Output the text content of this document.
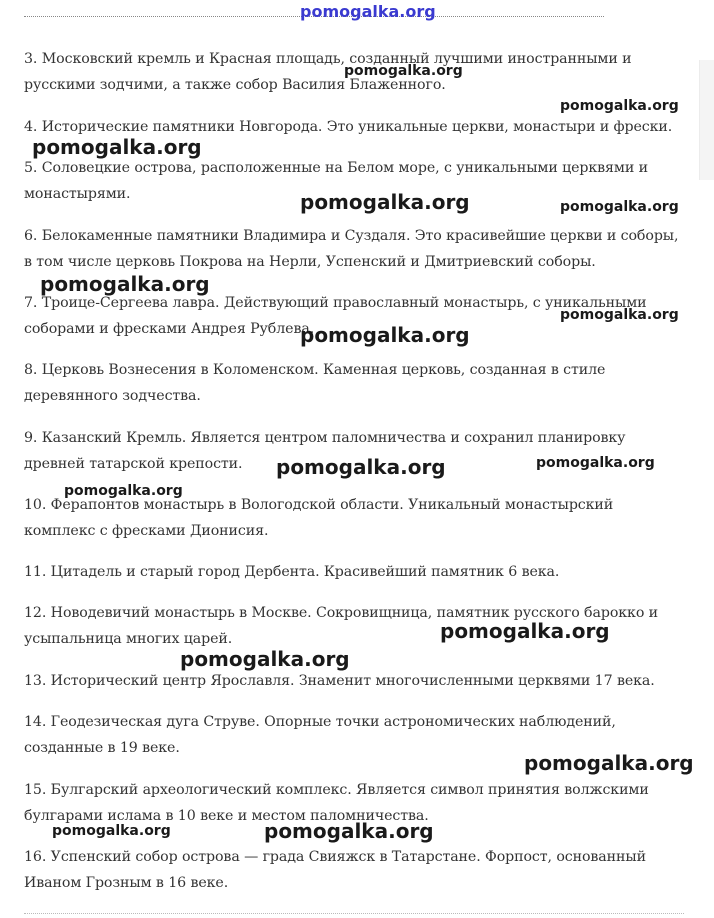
3. Московский кремль и Красная площадь, созданный лучшими иностранными и русскими зодчими, а также собор Василия Блаженного.

4. Исторические памятники Новгорода. Это уникальные церкви, монастыри и фрески.

5. Соловецкие острова, расположенные на Белом море, с уникальными церквями и монастырями.

6. Белокаменные памятники Владимира и Суздаля. Это красивейшие церкви и соборы, в том числе церковь Покрова на Нерли, Успенский и Дмитриевский соборы.

7. Троице-Сергеева лавра. Действующий православный монастырь, с уникальными соборами и фресками Андрея Рублева.

8. Церковь Вознесения в Коломенском. Каменная церковь, созданная в стиле деревянного зодчества.

9. Казанский Кремль. Является центром паломничества и сохранил планировку древней татарской крепости.

10. Ферапонтов монастырь в Вологодской области. Уникальный монастырский комплекс с фресками Дионисия.

11. Цитадель и старый город Дербента. Красивейший памятник 6 века.

12. Новодевичий монастырь в Москве. Сокровищница, памятник русского барокко и усыпальница многих царей.

13. Исторический центр Ярославля. Знаменит многочисленными церквями 17 века.

14. Геодезическая дуга Струве. Опорные точки астрономических наблюдений, созданные в 19 веке.

15. Булгарский археологический комплекс. Является символ принятия волжскими булгарами ислама в 10 веке и местом паломничества.

16. Успенский собор острова — града Свияжск в Татарстане. Форпост, основанный Иваном Грозным в 16 веке.

pomogalka.org
pomogalka.org
pomogalka.org
pomogalka.org
pomogalka.org	pomogalka.org
pomogalka.org
pomogalka.org
pomogalka.org
pomogalka.org	pomogalka.org
pomogalka.org
pomogalka.org
pomogalka.org
pomogalka.org
pomogalka.org	pomogalka.org
